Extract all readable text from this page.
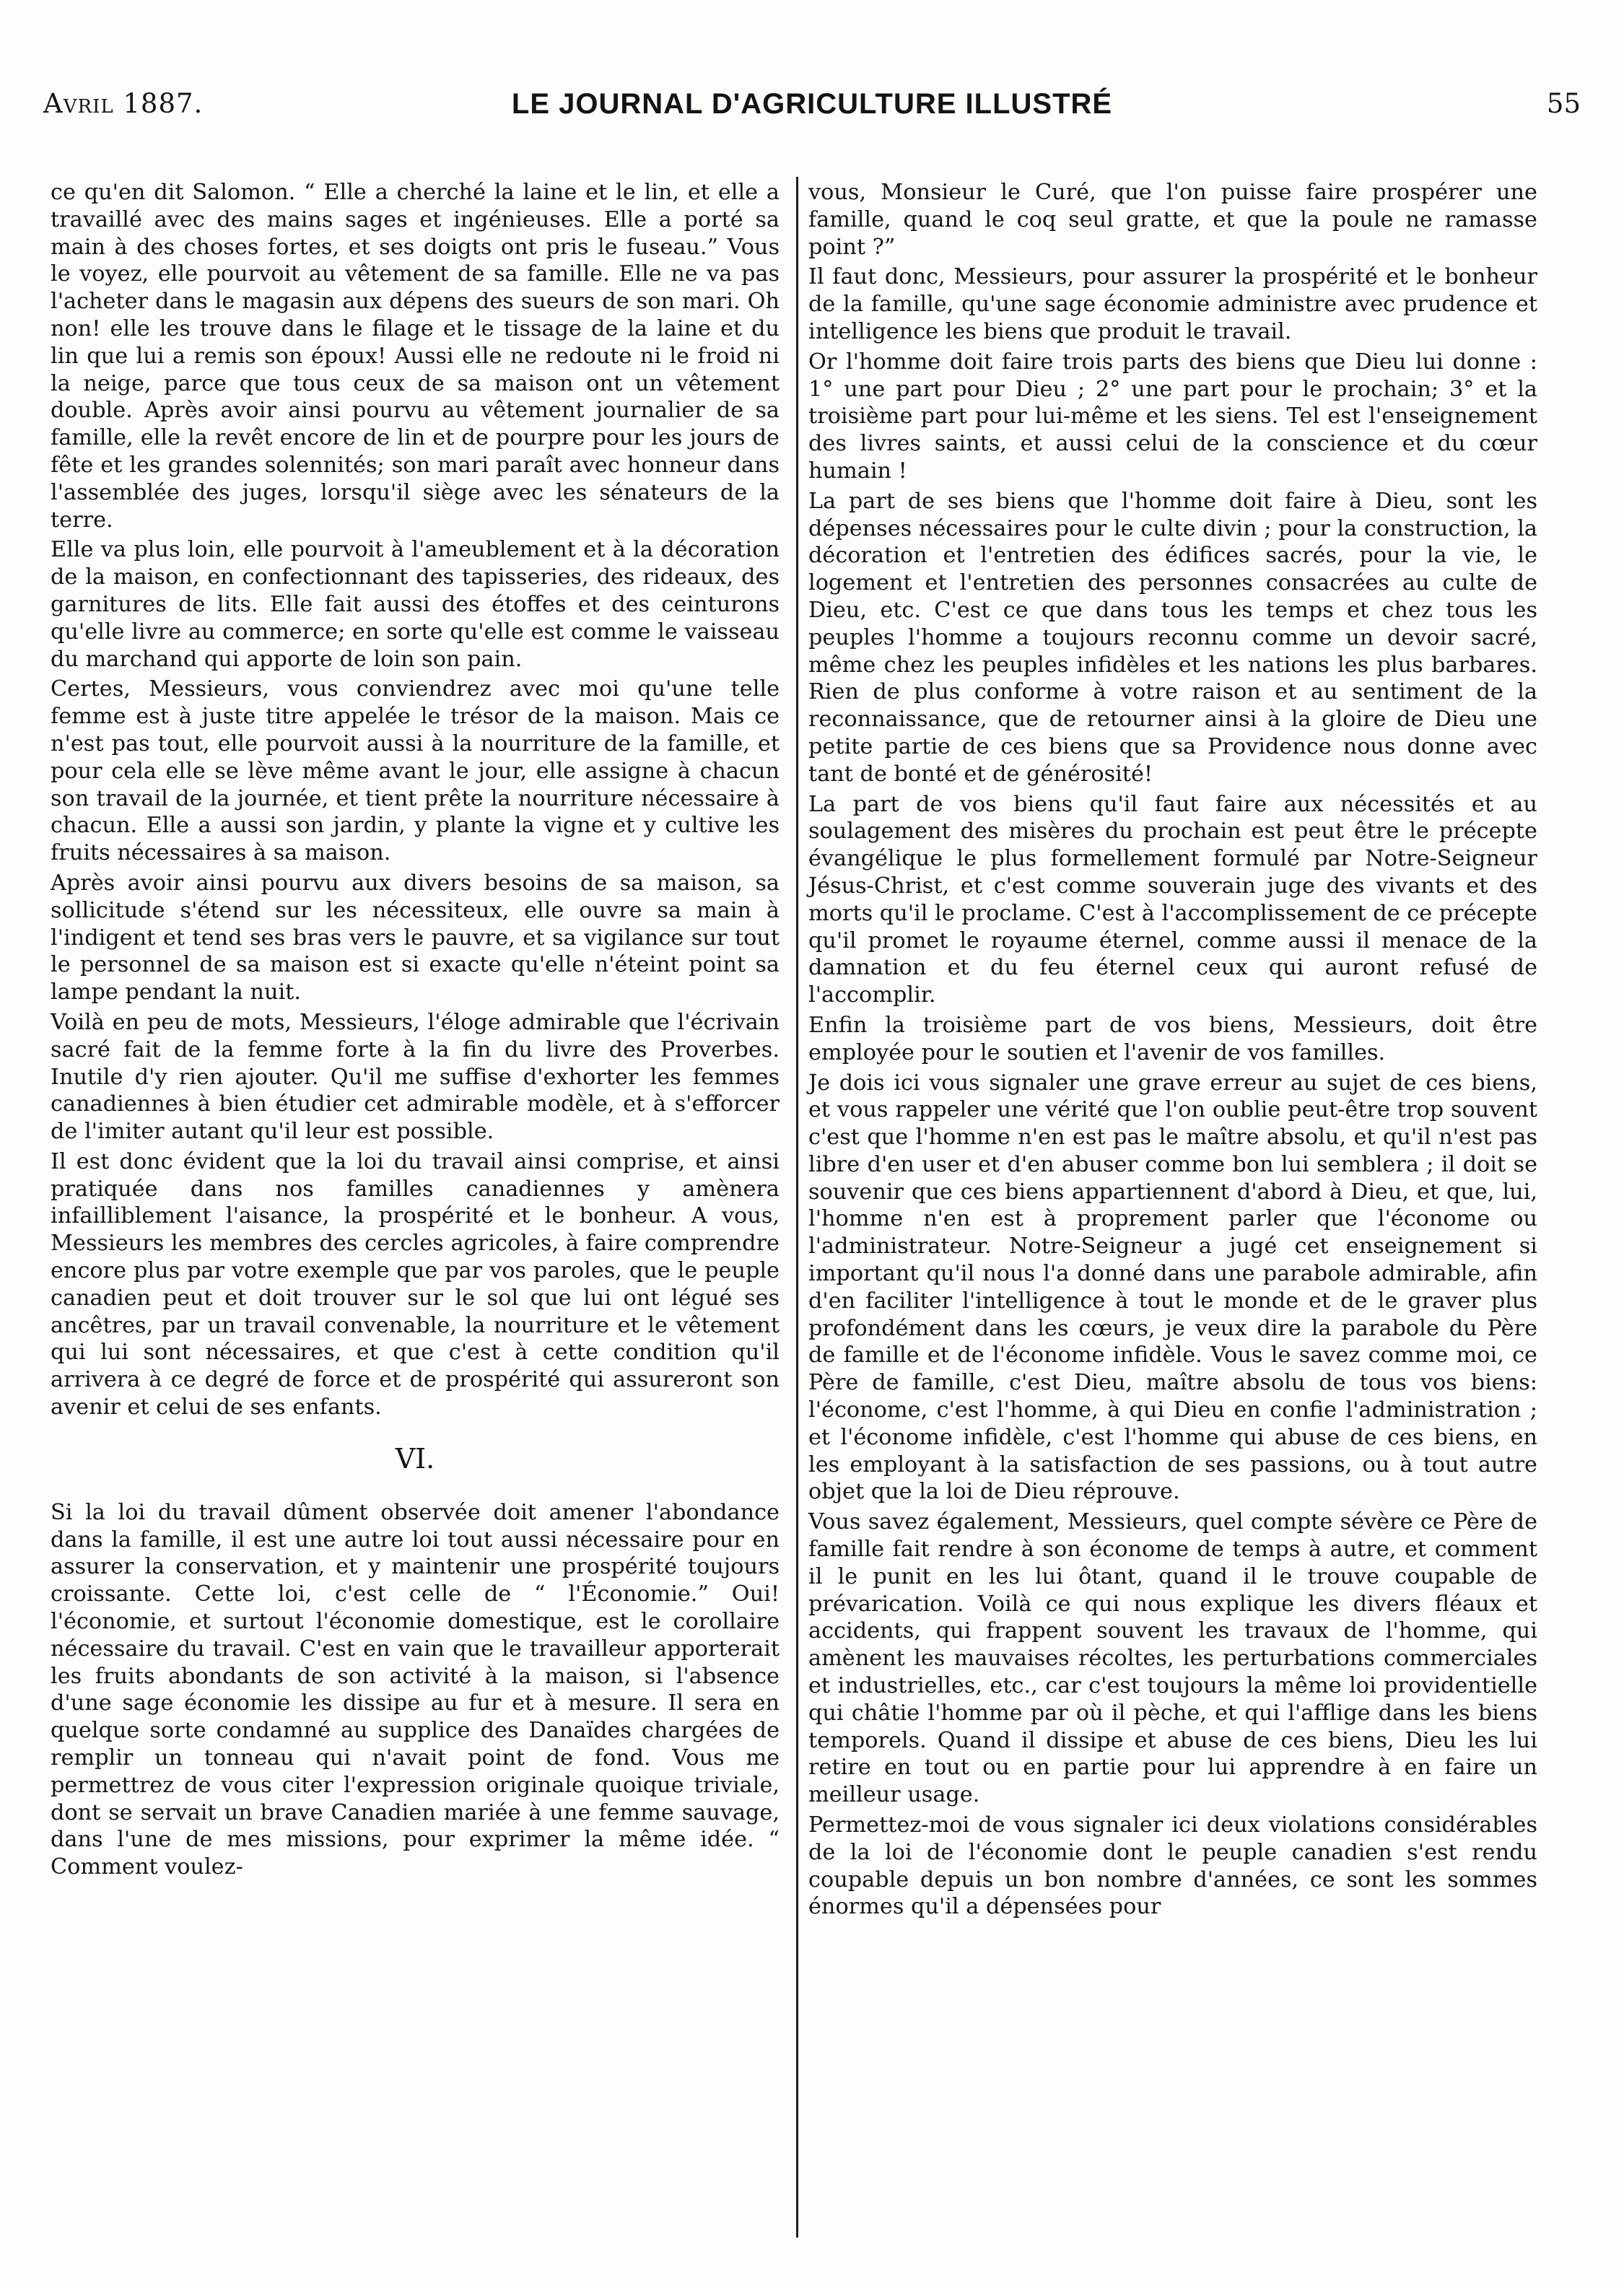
Avril 1887.	LE JOURNAL D'AGRICULTURE ILLUSTRÉ	55

ce qu'en dit Salomon. “ Elle a cherché la laine et le lin, et elle a travaillé avec des mains sages et ingénieuses. Elle a porté sa main à des choses fortes, et ses doigts ont pris le fuseau.” Vous le voyez, elle pourvoit au vêtement de sa famille. Elle ne va pas l'acheter dans le magasin aux dépens des sueurs de son mari. Oh non! elle les trouve dans le filage et le tissage de la laine et du lin que lui a remis son époux! Aussi elle ne redoute ni le froid ni la neige, parce que tous ceux de sa maison ont un vêtement double. Après avoir ainsi pourvu au vêtement journalier de sa famille, elle la revêt encore de lin et de pourpre pour les jours de fête et les grandes solennités; son mari paraît avec honneur dans l'assemblée des juges, lorsqu'il siège avec les sénateurs de la terre.

Elle va plus loin, elle pourvoit à l'ameublement et à la décoration de la maison, en confectionnant des tapisseries, des rideaux, des garnitures de lits. Elle fait aussi des étoffes et des ceinturons qu'elle livre au commerce; en sorte qu'elle est comme le vaisseau du marchand qui apporte de loin son pain.

Certes, Messieurs, vous conviendrez avec moi qu'une telle femme est à juste titre appelée le trésor de la maison. Mais ce n'est pas tout, elle pourvoit aussi à la nourriture de la famille, et pour cela elle se lève même avant le jour, elle assigne à chacun son travail de la journée, et tient prête la nourriture nécessaire à chacun. Elle a aussi son jardin, y plante la vigne et y cultive les fruits nécessaires à sa maison.

Après avoir ainsi pourvu aux divers besoins de sa maison, sa sollicitude s'étend sur les nécessiteux, elle ouvre sa main à l'indigent et tend ses bras vers le pauvre, et sa vigilance sur tout le personnel de sa maison est si exacte qu'elle n'éteint point sa lampe pendant la nuit.

Voilà en peu de mots, Messieurs, l'éloge admirable que l'écrivain sacré fait de la femme forte à la fin du livre des Proverbes. Inutile d'y rien ajouter. Qu'il me suffise d'exhorter les femmes canadiennes à bien étudier cet admirable modèle, et à s'efforcer de l'imiter autant qu'il leur est possible.

Il est donc évident que la loi du travail ainsi comprise, et ainsi pratiquée dans nos familles canadiennes y amènera infailliblement l'aisance, la prospérité et le bonheur. A vous, Messieurs les membres des cercles agricoles, à faire comprendre encore plus par votre exemple que par vos paroles, que le peuple canadien peut et doit trouver sur le sol que lui ont légué ses ancêtres, par un travail convenable, la nourriture et le vêtement qui lui sont nécessaires, et que c'est à cette condition qu'il arrivera à ce degré de force et de prospérité qui assureront son avenir et celui de ses enfants.

VI.

Si la loi du travail dûment observée doit amener l'abondance dans la famille, il est une autre loi tout aussi nécessaire pour en assurer la conservation, et y maintenir une prospérité toujours croissante. Cette loi, c'est celle de “ l'Économie.” Oui! l'économie, et surtout l'économie domestique, est le corollaire nécessaire du travail. C'est en vain que le travailleur apporterait les fruits abondants de son activité à la maison, si l'absence d'une sage économie les dissipe au fur et à mesure. Il sera en quelque sorte condamné au supplice des Danaïdes chargées de remplir un tonneau qui n'avait point de fond. Vous me permettrez de vous citer l'expression originale quoique triviale, dont se servait un brave Canadien mariée à une femme sauvage, dans l'une de mes missions, pour exprimer la même idée. “ Comment voulez-

vous, Monsieur le Curé, que l'on puisse faire prospérer une famille, quand le coq seul gratte, et que la poule ne ramasse point ?”

Il faut donc, Messieurs, pour assurer la prospérité et le bonheur de la famille, qu'une sage économie administre avec prudence et intelligence les biens que produit le travail.

Or l'homme doit faire trois parts des biens que Dieu lui donne : 1° une part pour Dieu ; 2° une part pour le prochain; 3° et la troisième part pour lui-même et les siens. Tel est l'enseignement des livres saints, et aussi celui de la conscience et du cœur humain !

La part de ses biens que l'homme doit faire à Dieu, sont les dépenses nécessaires pour le culte divin ; pour la construction, la décoration et l'entretien des édifices sacrés, pour la vie, le logement et l'entretien des personnes consacrées au culte de Dieu, etc. C'est ce que dans tous les temps et chez tous les peuples l'homme a toujours reconnu comme un devoir sacré, même chez les peuples infidèles et les nations les plus barbares. Rien de plus conforme à votre raison et au sentiment de la reconnaissance, que de retourner ainsi à la gloire de Dieu une petite partie de ces biens que sa Providence nous donne avec tant de bonté et de générosité!

La part de vos biens qu'il faut faire aux nécessités et au soulagement des misères du prochain est peut être le précepte évangélique le plus formellement formulé par Notre-Seigneur Jésus-Christ, et c'est comme souverain juge des vivants et des morts qu'il le proclame. C'est à l'accomplissement de ce précepte qu'il promet le royaume éternel, comme aussi il menace de la damnation et du feu éternel ceux qui auront refusé de l'accomplir.

Enfin la troisième part de vos biens, Messieurs, doit être employée pour le soutien et l'avenir de vos familles.

Je dois ici vous signaler une grave erreur au sujet de ces biens, et vous rappeler une vérité que l'on oublie peut-être trop souvent c'est que l'homme n'en est pas le maître absolu, et qu'il n'est pas libre d'en user et d'en abuser comme bon lui semblera ; il doit se souvenir que ces biens appartiennent d'abord à Dieu, et que, lui, l'homme n'en est à proprement parler que l'économe ou l'administrateur. Notre-Seigneur a jugé cet enseignement si important qu'il nous l'a donné dans une parabole admirable, afin d'en faciliter l'intelligence à tout le monde et de le graver plus profondément dans les cœurs, je veux dire la parabole du Père de famille et de l'économe infidèle. Vous le savez comme moi, ce Père de famille, c'est Dieu, maître absolu de tous vos biens: l'économe, c'est l'homme, à qui Dieu en confie l'administration ; et l'économe infidèle, c'est l'homme qui abuse de ces biens, en les employant à la satisfaction de ses passions, ou à tout autre objet que la loi de Dieu réprouve.

Vous savez également, Messieurs, quel compte sévère ce Père de famille fait rendre à son économe de temps à autre, et comment il le punit en les lui ôtant, quand il le trouve coupable de prévarication. Voilà ce qui nous explique les divers fléaux et accidents, qui frappent souvent les travaux de l'homme, qui amènent les mauvaises récoltes, les perturbations commerciales et industrielles, etc., car c'est toujours la même loi providentielle qui châtie l'homme par où il pèche, et qui l'afflige dans les biens temporels. Quand il dissipe et abuse de ces biens, Dieu les lui retire en tout ou en partie pour lui apprendre à en faire un meilleur usage.

Permettez-moi de vous signaler ici deux violations considérables de la loi de l'économie dont le peuple canadien s'est rendu coupable depuis un bon nombre d'années, ce sont les sommes énormes qu'il a dépensées pour
